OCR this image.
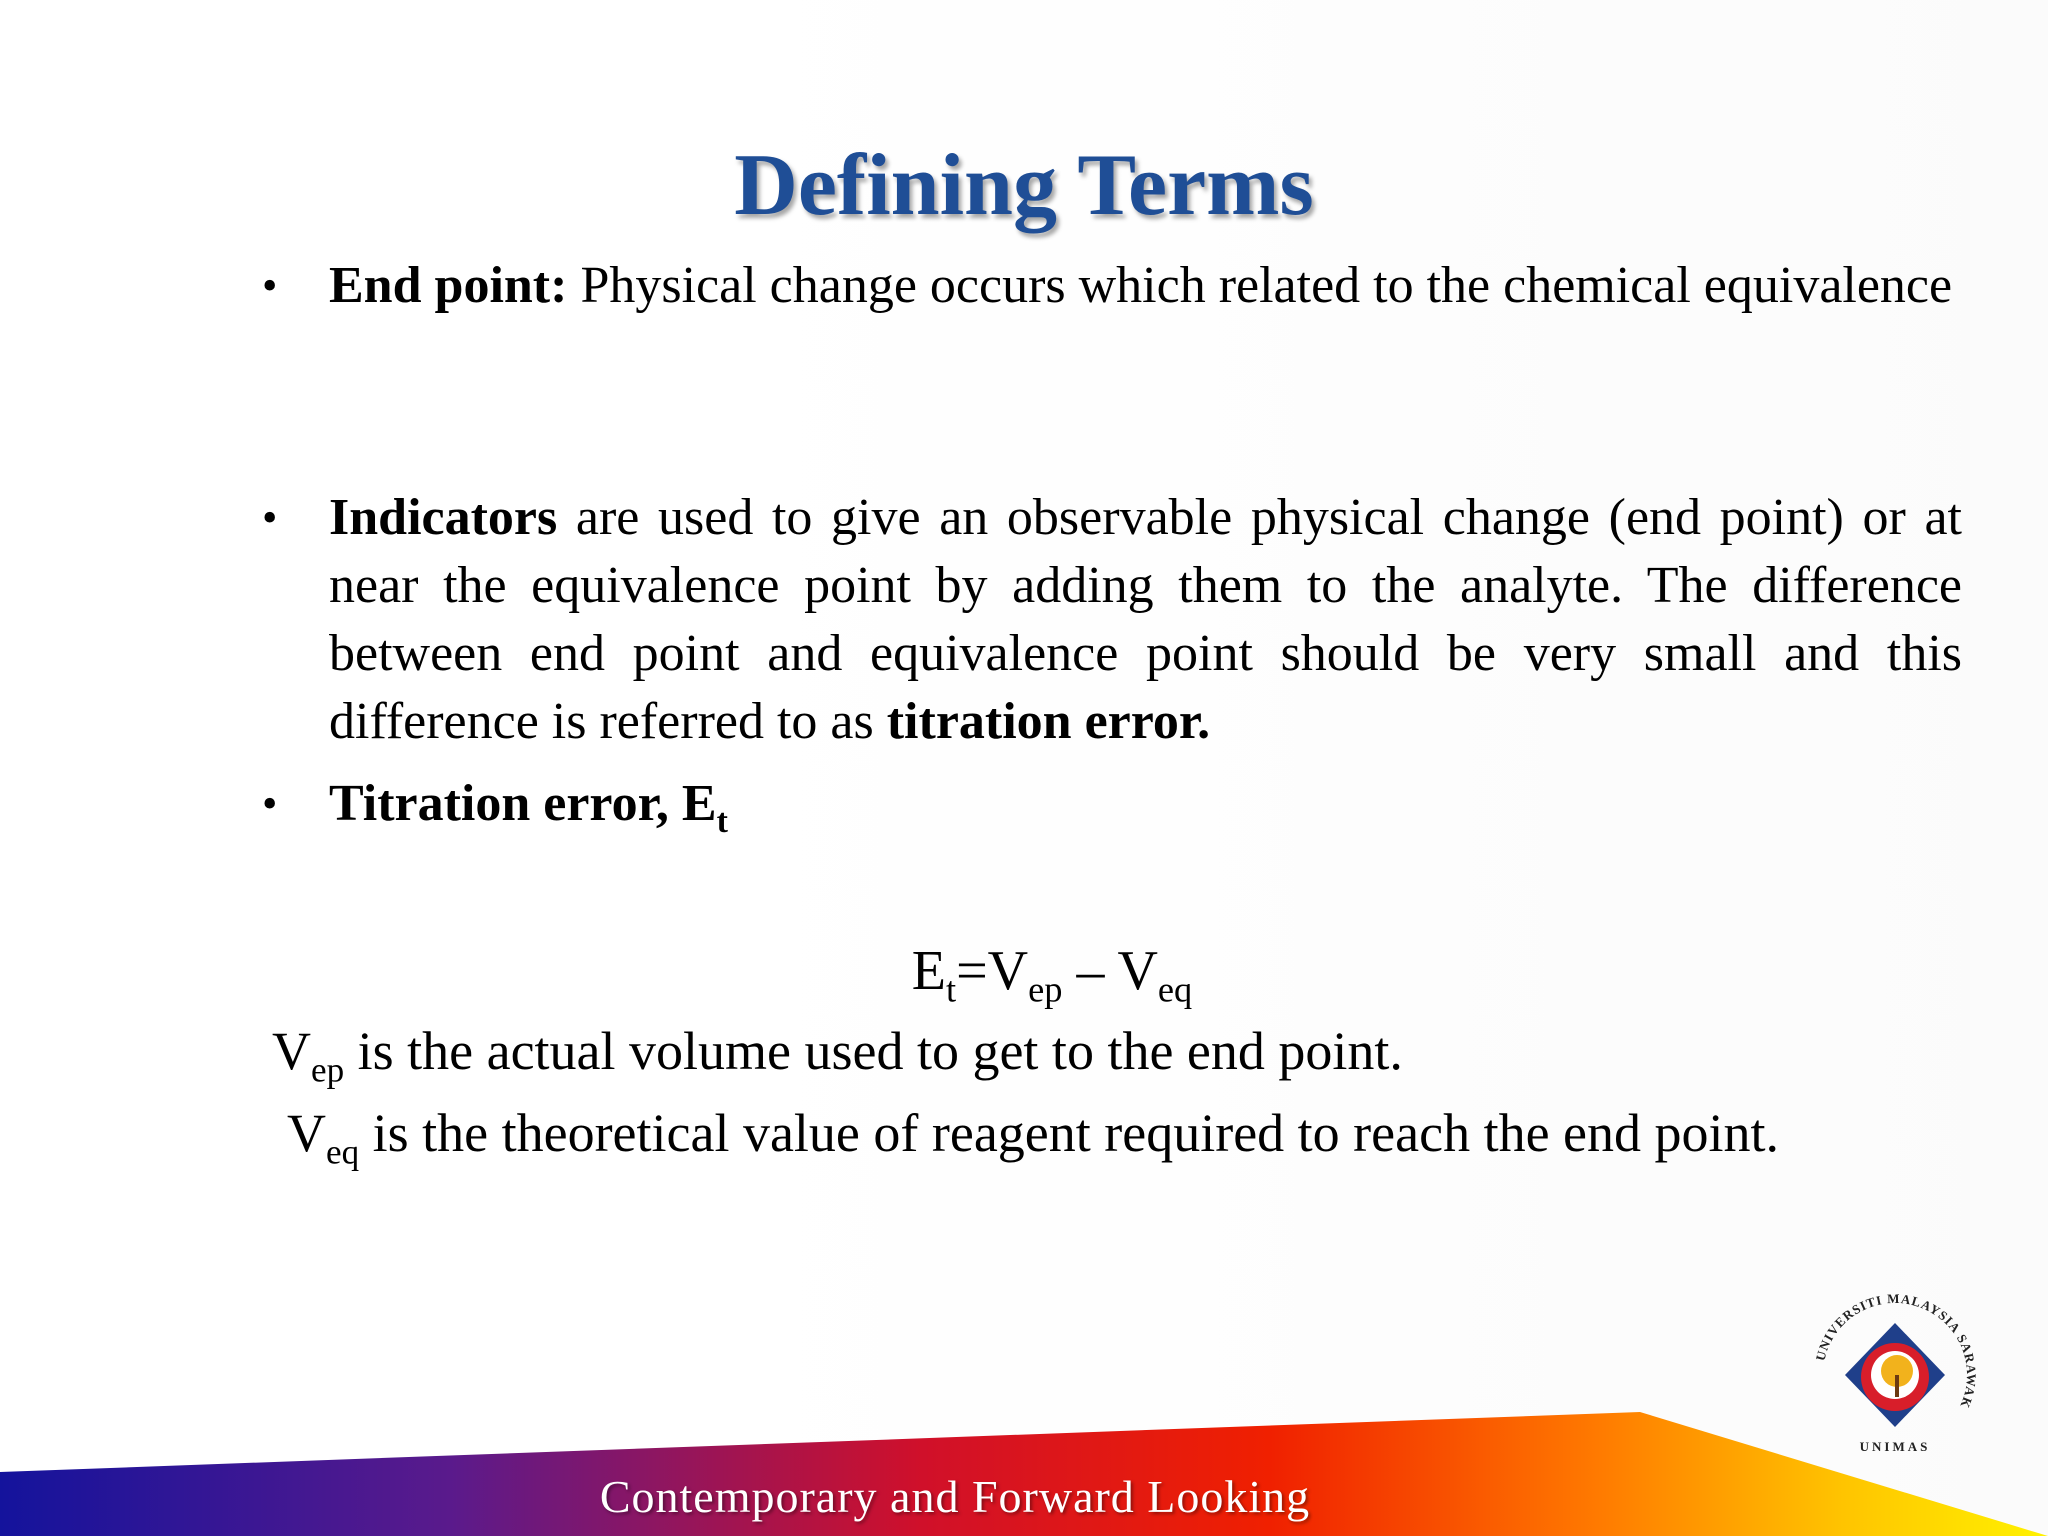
Defining Terms
• End point: Physical change occurs which related to the chemical equivalence
• Indicators are used to give an observable physical change (end point) or at near the equivalence point by adding them to the analyte. The difference between end point and equivalence point should be very small and this difference is referred to as titration error.
• Titration error, $E_t$
$E_t=V_{ep} - V_{eq}$
$V_{ep}$ is the actual volume used to get to the end point.
$V_{eq}$ is the theoretical value of reagent required to reach the end point.
Contemporary and Forward Looking
UNIVERSITI MALAYSIA SARAWAK
UNIMAS
